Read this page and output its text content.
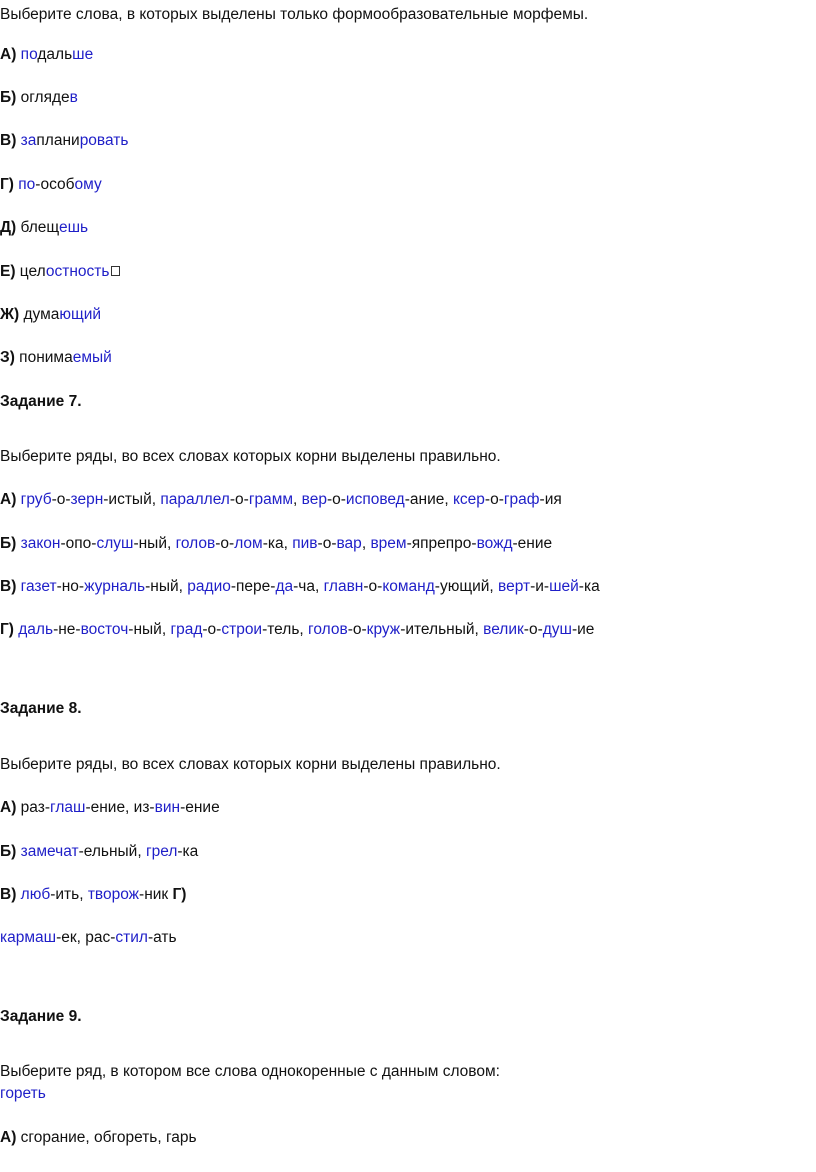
Выберите слова, в которых выделены только формообразовательные морфемы.
А) подальше
Б) оглядев
В) запланировать
Г) по-особому
Д) блещешь
Е) целостность
Ж) думающий
З) понимаемый
Задание 7.
Выберите ряды, во всех словах которых корни выделены правильно.
А) груб-о-зерн-истый, параллел-о-грамм, вер-о-исповед-ание, ксер-о-граф-ия
Б) закон-опо-слуш-ный, голов-о-лом-ка, пив-о-вар, врем-япрепро-вожд-ение
В) газет-но-журналь-ный, радио-пере-да-ча, главн-о-команд-ующий, верт-и-шей-ка
Г) даль-не-восточ-ный, град-о-строи-тель, голов-о-круж-ительный, велик-о-душ-ие
Задание 8.
Выберите ряды, во всех словах которых корни выделены правильно.
А) раз-глаш-ение, из-вин-ение
Б) замечат-ельный, грел-ка
В) люб-ить, творож-ник Г)
кармаш-ек, рас-стил-ать
Задание 9.
Выберите ряд, в котором все слова однокоренные с данным словом:
гореть
А) сгорание, обгореть, гарь
